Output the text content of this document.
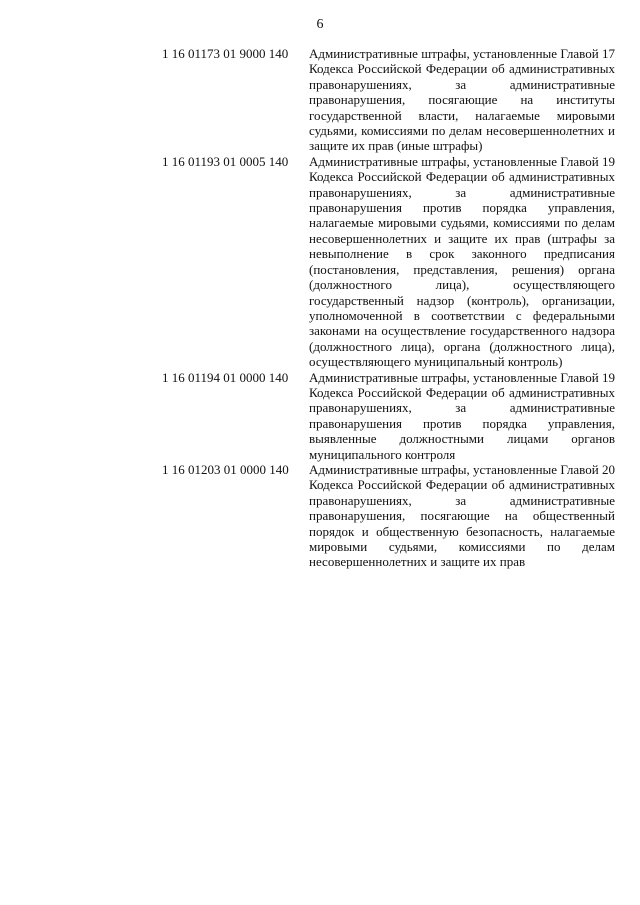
6
1 16 01173 01 9000 140	Административные штрафы, установленные Главой 17 Кодекса Российской Федерации об административных правонарушениях, за административные правонарушения, посягающие на институты государственной власти, налагаемые мировыми судьями, комиссиями по делам несовершеннолетних и защите их прав (иные штрафы)
1 16 01193 01 0005 140	Административные штрафы, установленные Главой 19 Кодекса Российской Федерации об административных правонарушениях, за административные правонарушения против порядка управления, налагаемые мировыми судьями, комиссиями по делам несовершеннолетних и защите их прав (штрафы за невыполнение в срок законного предписания (постановления, представления, решения) органа (должностного лица), осуществляющего государственный надзор (контроль), организации, уполномоченной в соответствии с федеральными законами на осуществление государственного надзора (должностного лица), органа (должностного лица), осуществляющего муниципальный контроль)
1 16 01194 01 0000 140	Административные штрафы, установленные Главой 19 Кодекса Российской Федерации об административных правонарушениях, за административные правонарушения против порядка управления, выявленные должностными лицами органов муниципального контроля
1 16 01203 01 0000 140	Административные штрафы, установленные Главой 20 Кодекса Российской Федерации об административных правонарушениях, за административные правонарушения, посягающие на общественный порядок и общественную безопасность, налагаемые мировыми судьями, комиссиями по делам несовершеннолетних и защите их прав
